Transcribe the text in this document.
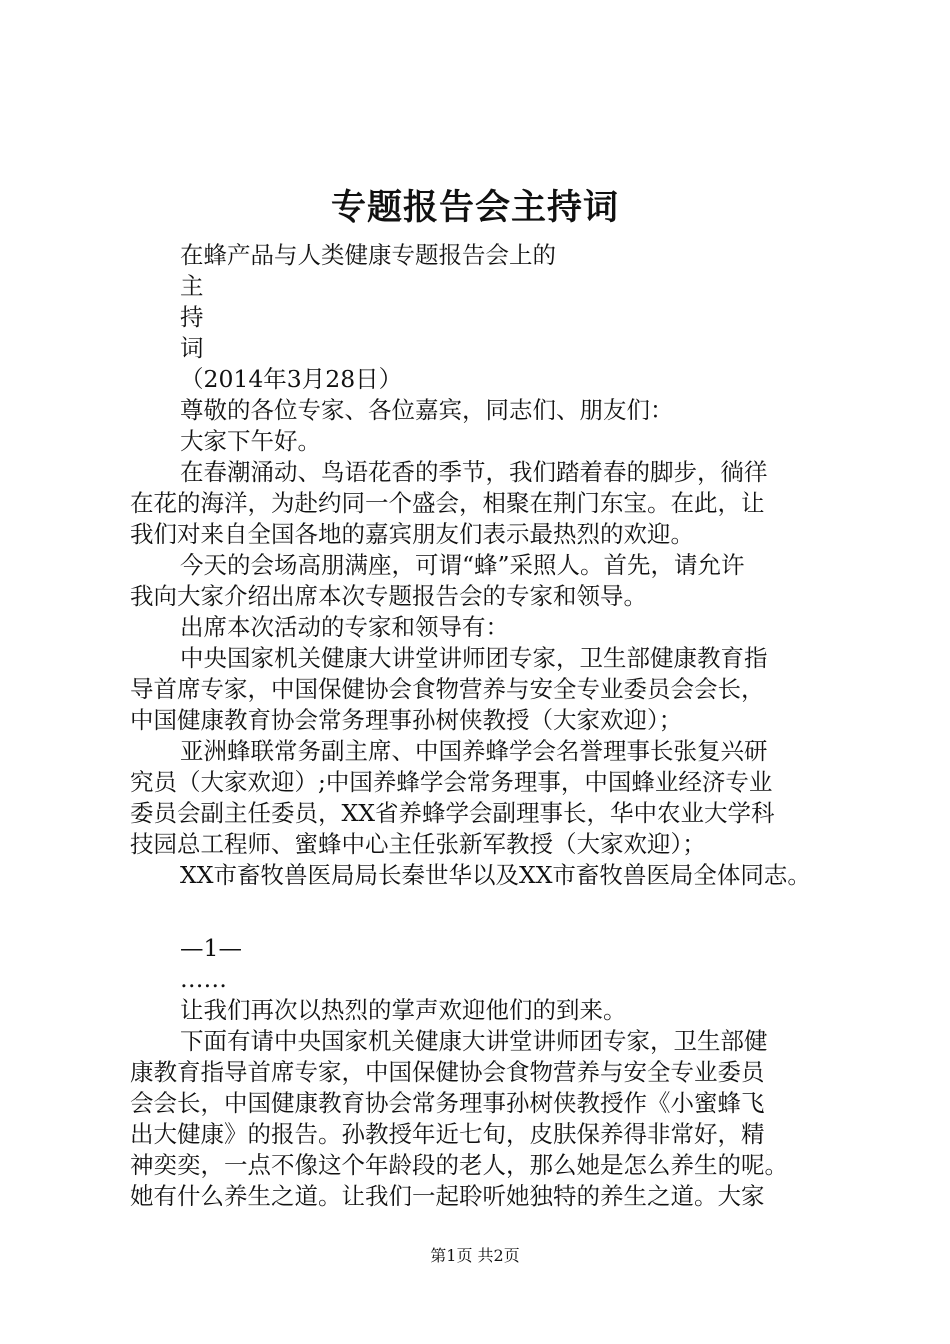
专题报告会主持词
在蜂产品与人类健康专题报告会上的
主
持
词
（2014年3月28日）
尊敬的各位专家、各位嘉宾，同志们、朋友们：
大家下午好。
在春潮涌动、鸟语花香的季节，我们踏着春的脚步，徜徉
在花的海洋，为赴约同一个盛会，相聚在荆门东宝。在此，让
我们对来自全国各地的嘉宾朋友们表示最热烈的欢迎。
今天的会场高朋满座，可谓“蜂”采照人。首先，请允许
我向大家介绍出席本次专题报告会的专家和领导。
出席本次活动的专家和领导有：
中央国家机关健康大讲堂讲师团专家，卫生部健康教育指
导首席专家，中国保健协会食物营养与安全专业委员会会长，
中国健康教育协会常务理事孙树侠教授（大家欢迎）；
亚洲蜂联常务副主席、中国养蜂学会名誉理事长张复兴研
究员（大家欢迎）;中国养蜂学会常务理事，中国蜂业经济专业
委员会副主任委员，XX省养蜂学会副理事长，华中农业大学科
技园总工程师、蜜蜂中心主任张新军教授（大家欢迎）；
XX市畜牧兽医局局长秦世华以及XX市畜牧兽医局全体同志。
—1—
……
让我们再次以热烈的掌声欢迎他们的到来。
下面有请中央国家机关健康大讲堂讲师团专家，卫生部健
康教育指导首席专家，中国保健协会食物营养与安全专业委员
会会长，中国健康教育协会常务理事孙树侠教授作《小蜜蜂飞
出大健康》的报告。孙教授年近七旬，皮肤保养得非常好，精
神奕奕，一点不像这个年龄段的老人，那么她是怎么养生的呢。
她有什么养生之道。让我们一起聆听她独特的养生之道。大家
第1页 共2页
